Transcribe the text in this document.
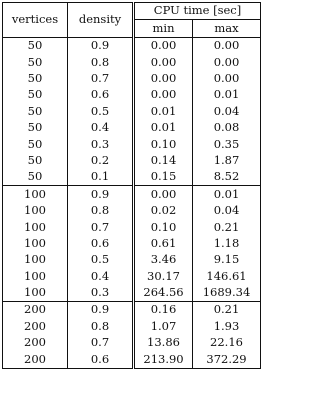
vertices	density	CPU time [sec]	
		min	max
50	0.9	0.00	0.00
50	0.8	0.00	0.00
50	0.7	0.00	0.00
50	0.6	0.00	0.01
50	0.5	0.01	0.04
50	0.4	0.01	0.08
50	0.3	0.10	0.35
50	0.2	0.14	1.87
50	0.1	0.15	8.52
100	0.9	0.00	0.01
100	0.8	0.02	0.04
100	0.7	0.10	0.21
100	0.6	0.61	1.18
100	0.5	3.46	9.15
100	0.4	30.17	146.61
100	0.3	264.56	1689.34
200	0.9	0.16	0.21
200	0.8	1.07	1.93
200	0.7	13.86	22.16
200	0.6	213.90	372.29
